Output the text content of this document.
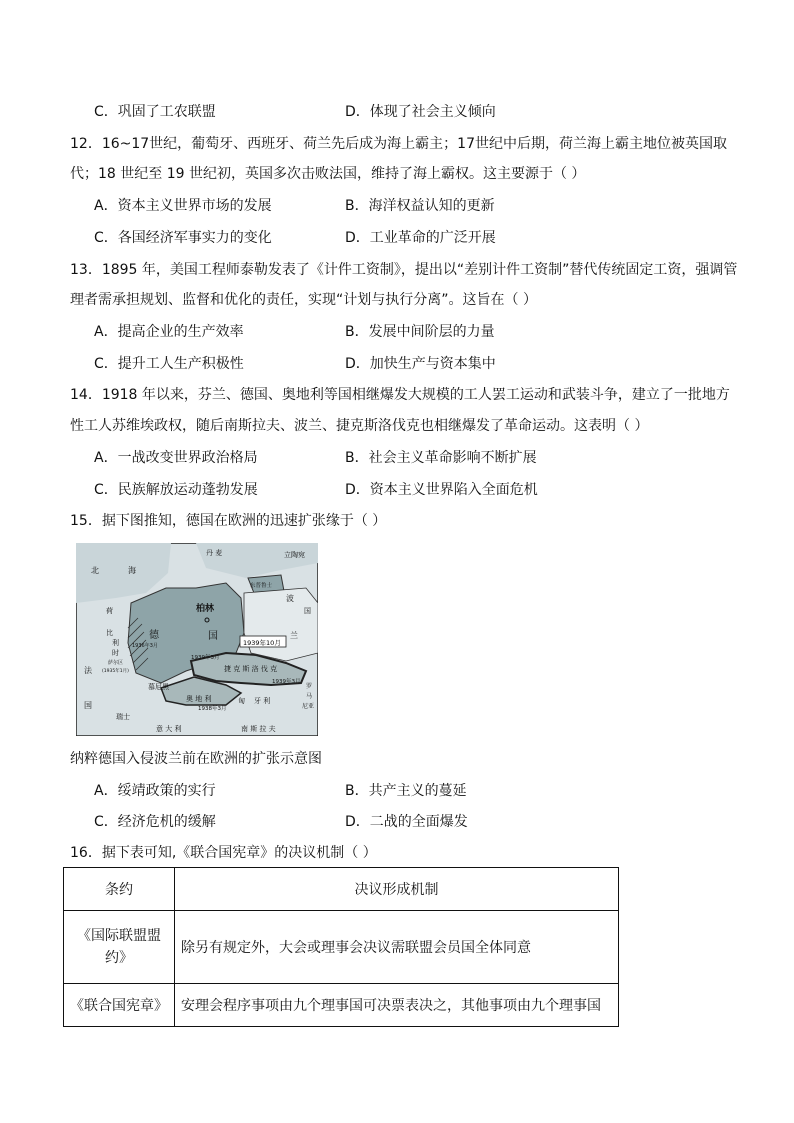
C．巩固了工农联盟	D．体现了社会主义倾向
12．16~17世纪，葡萄牙、西班牙、荷兰先后成为海上霸主；17世纪中后期，荷兰海上霸主地位被英国取
代；18 世纪至 19 世纪初，英国多次击败法国，维持了海上霸权。这主要源于（ ）
A．资本主义世界市场的发展	B．海洋权益认知的更新
C．各国经济军事实力的变化	D．工业革命的广泛开展
13．1895 年，美国工程师泰勒发表了《计件工资制》，提出以“差别计件工资制”替代传统固定工资，强调管
理者需承担规划、监督和优化的责任，实现“计划与执行分离”。这旨在（ ）
A．提高企业的生产效率	B．发展中间阶层的力量
C．提升工人生产积极性	D．加快生产与资本集中
14．1918 年以来，芬兰、德国、奥地利等国相继爆发大规模的工人罢工运动和武装斗争，建立了一批地方
性工人苏维埃政权，随后南斯拉夫、波兰、捷克斯洛伐克也相继爆发了革命运动。这表明（ ）
A．一战改变世界政治格局	B．社会主义革命影响不断扩展
C．民族解放运动蓬勃发展	D．资本主义世界陷入全面危机
15．据下图推知，德国在欧洲的迅速扩张缘于（ ）
1939年10月
丹 麦	立陶宛
北	海
东普鲁士
波
兰
柏林
德	国
荷
比
利
时
萨尔区
(1935年1月)
1936年3月
法
国
慕尼黑
1939年3月
捷 克 斯 洛 伐 克
1939年3月
奥 地 利
1938年3月
匈 牙 利
罗
马
尼亚
瑞士
意 大 利	南 斯 拉 夫
国
纳粹德国入侵波兰前在欧洲的扩张示意图
A．绥靖政策的实行	B．共产主义的蔓延
C．经济危机的缓解	D．二战的全面爆发
16．据下表可知,《联合国宪章》的决议机制（ ）
条约	决议形成机制
《国际联盟盟约》	除另有规定外，大会或理事会决议需联盟会员国全体同意
《联合国宪章》	安理会程序事项由九个理事国可决票表决之，其他事项由九个理事国
